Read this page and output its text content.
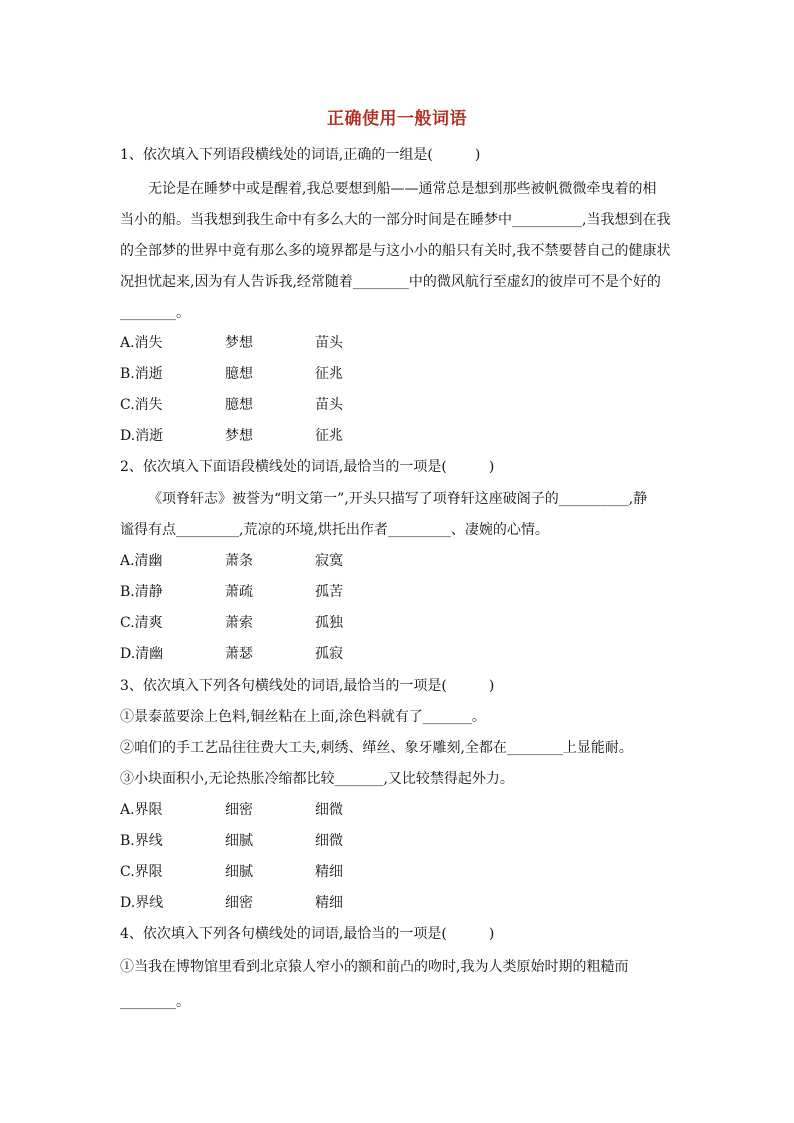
正确使用一般词语
1、依次填入下列语段横线处的词语,正确的一组是(　　　)
无论是在睡梦中或是醒着,我总要想到船——通常总是想到那些被帆微微牵曳着的相
当小的船。当我想到我生命中有多么大的一部分时间是在睡梦中__________,当我想到在我
的全部梦的世界中竟有那么多的境界都是与这小小的船只有关时,我不禁要替自己的健康状
况担忧起来,因为有人告诉我,经常随着________中的微风航行至虚幻的彼岸可不是个好的
________。
A.消失	梦想	苗头
B.消逝	臆想	征兆
C.消失	臆想	苗头
D.消逝	梦想	征兆
2、依次填入下面语段横线处的词语,最恰当的一项是(　　　)
《项脊轩志》被誉为“明文第一”,开头只描写了项脊轩这座破阁子的__________,静
谧得有点_________,荒凉的环境,烘托出作者_________、凄婉的心情。
A.清幽	萧条	寂寞
B.清静	萧疏	孤苦
C.清爽	萧索	孤独
D.清幽	萧瑟	孤寂
3、依次填入下列各句横线处的词语,最恰当的一项是(　　　)
①景泰蓝要涂上色料,铜丝粘在上面,涂色料就有了_______。
②咱们的手工艺品往往费大工夫,刺绣、缂丝、象牙雕刻,全都在________上显能耐。
③小块面积小,无论热胀冷缩都比较_______,又比较禁得起外力。
A.界限	细密	细微
B.界线	细腻	细微
C.界限	细腻	精细
D.界线	细密	精细
4、依次填入下列各句横线处的词语,最恰当的一项是(　　　)
①当我在博物馆里看到北京猿人窄小的额和前凸的吻时,我为人类原始时期的粗糙而
________。
